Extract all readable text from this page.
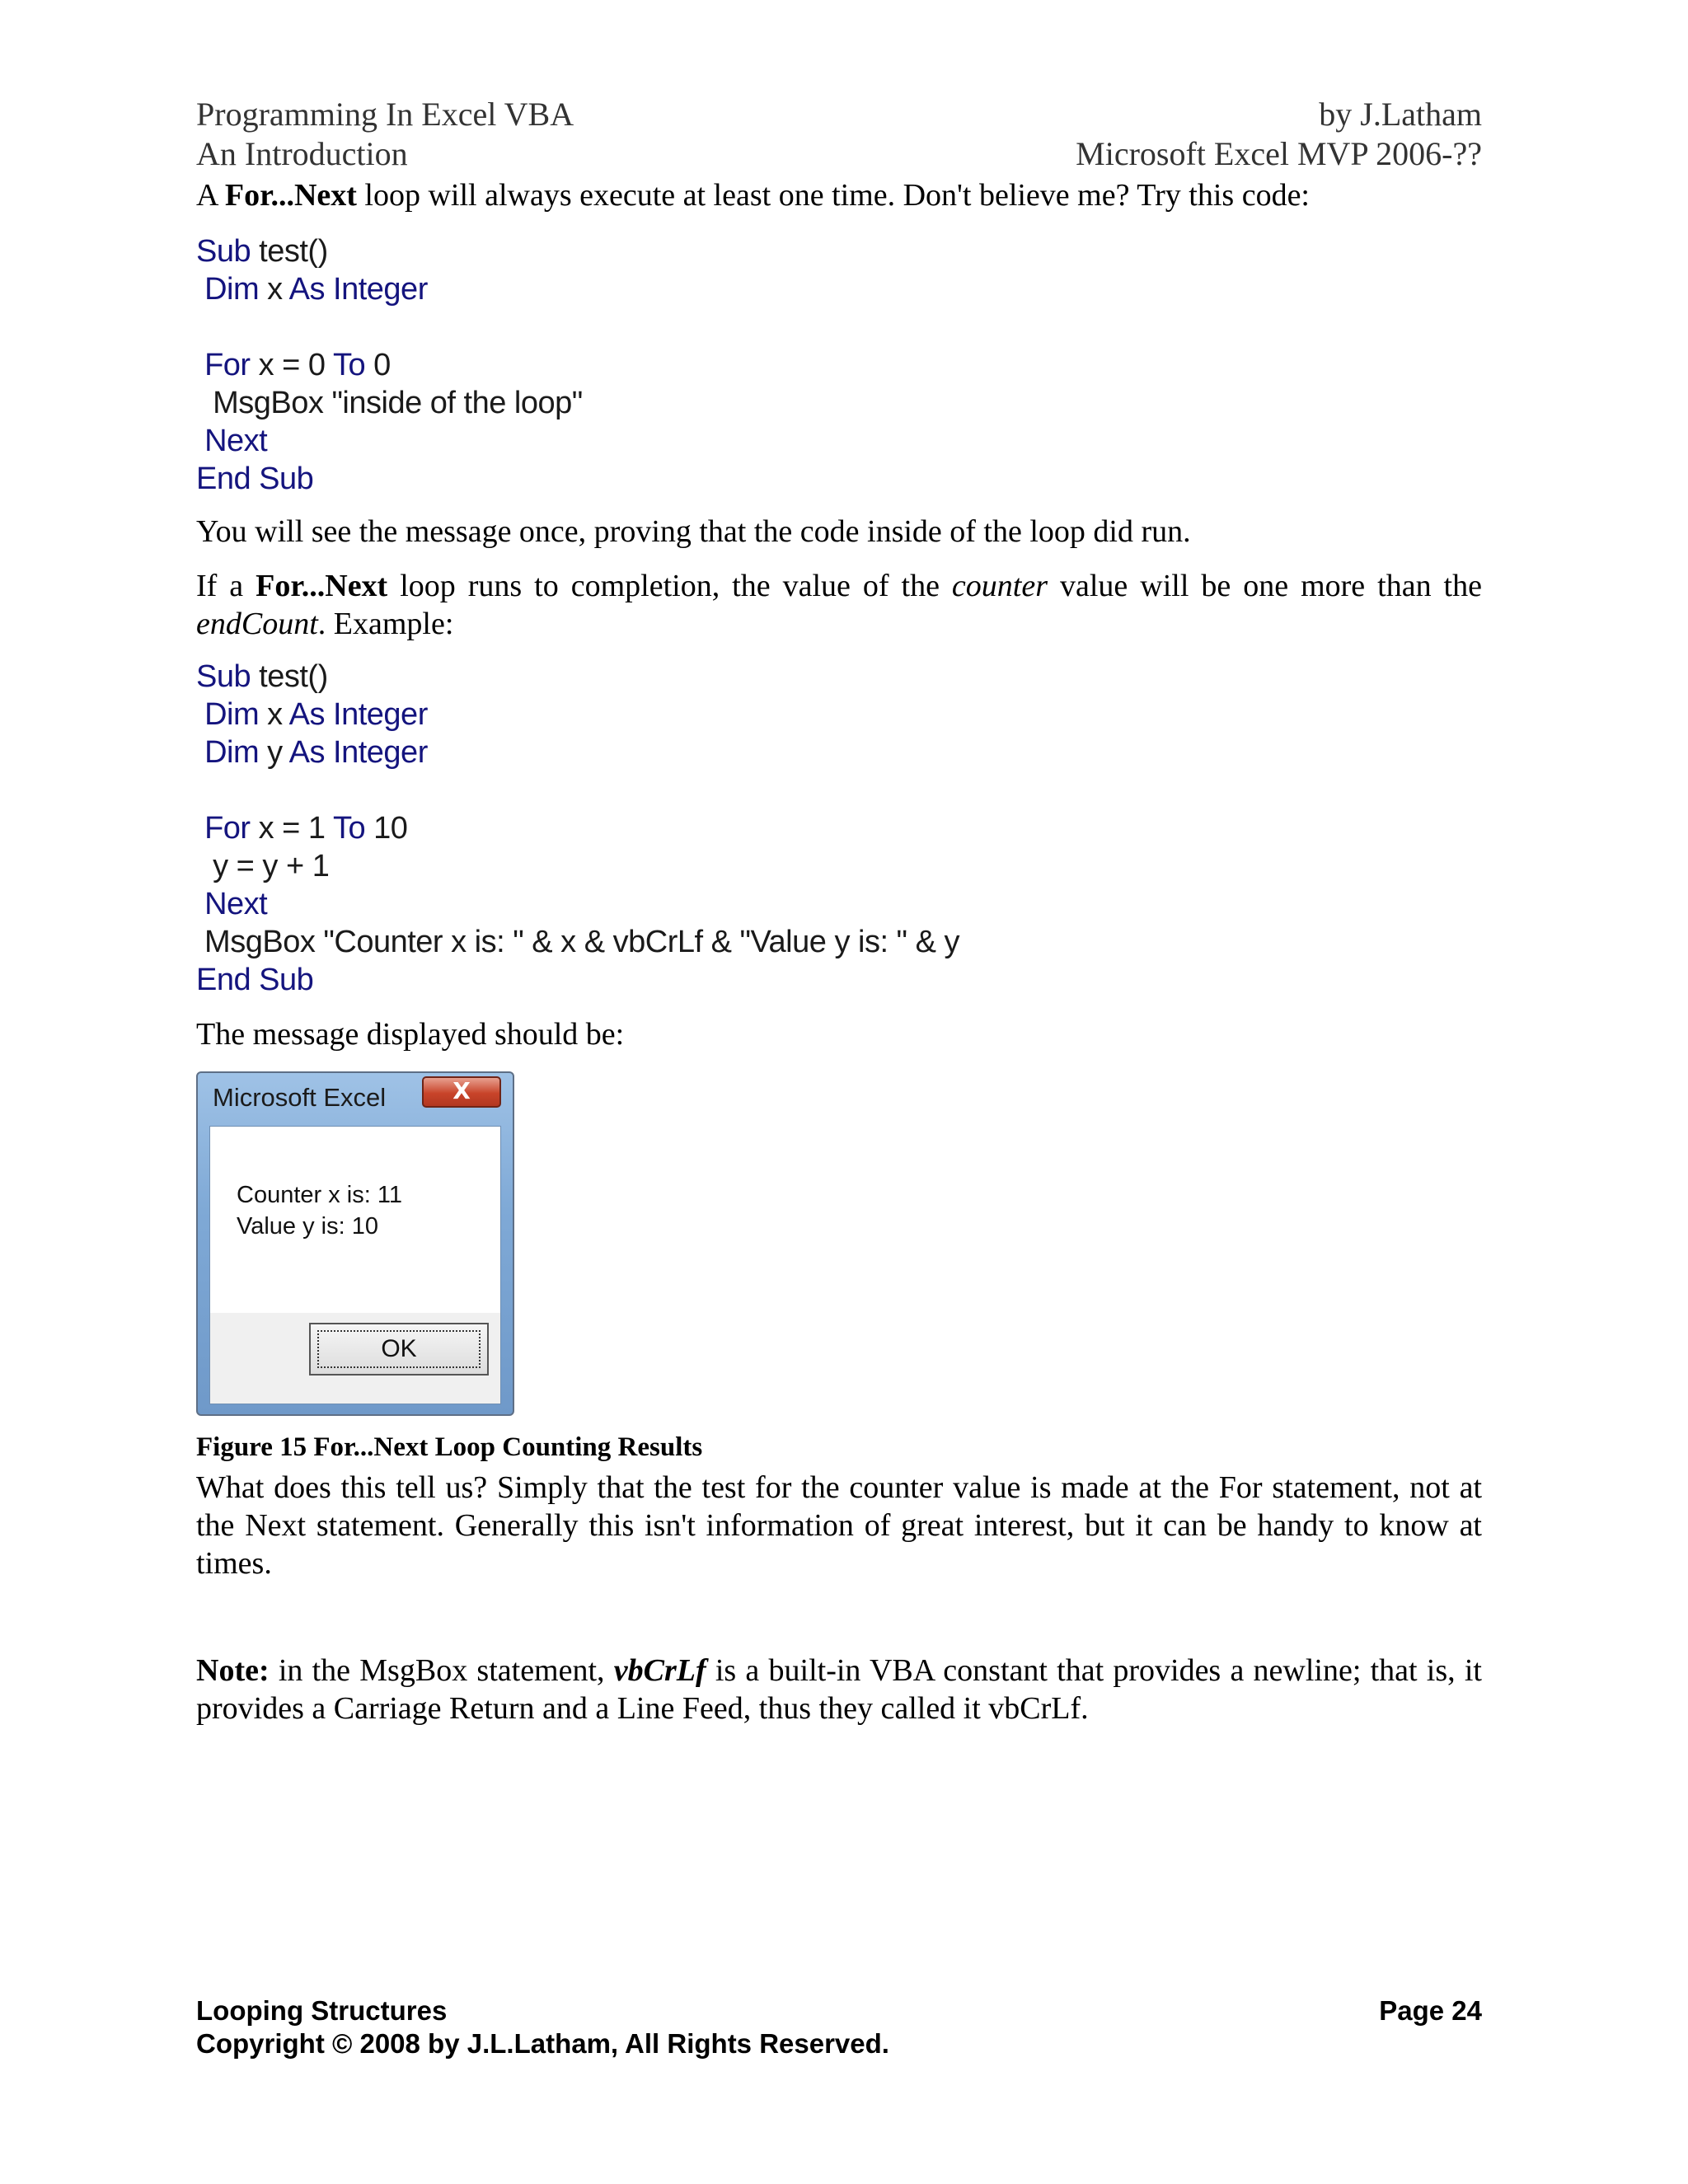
Programming In Excel VBA	by J.Latham
An Introduction	Microsoft Excel MVP 2006-??
A For...Next loop will always execute at least one time. Don't believe me? Try this code:
Sub test()
Dim x As Integer
For x = 0 To 0
MsgBox "inside of the loop"
Next
End Sub
You will see the message once, proving that the code inside of the loop did run.
If a For...Next loop runs to completion, the value of the counter value will be one more than the endCount. Example:
Sub test()
Dim x As Integer
Dim y As Integer
For x = 1 To 10
y = y + 1
Next
MsgBox "Counter x is: " & x & vbCrLf & "Value y is: " & y
End Sub
The message displayed should be:
Microsoft Excel	X
Counter x is: 11
Value y is: 10
OK
Figure 15 For...Next Loop Counting Results
What does this tell us? Simply that the test for the counter value is made at the For statement, not at the Next statement. Generally this isn't information of great interest, but it can be handy to know at times.
Note: in the MsgBox statement, vbCrLf is a built-in VBA constant that provides a newline; that is, it provides a Carriage Return and a Line Feed, thus they called it vbCrLf.
Looping Structures	Page 24
Copyright © 2008 by J.L.Latham, All Rights Reserved.
